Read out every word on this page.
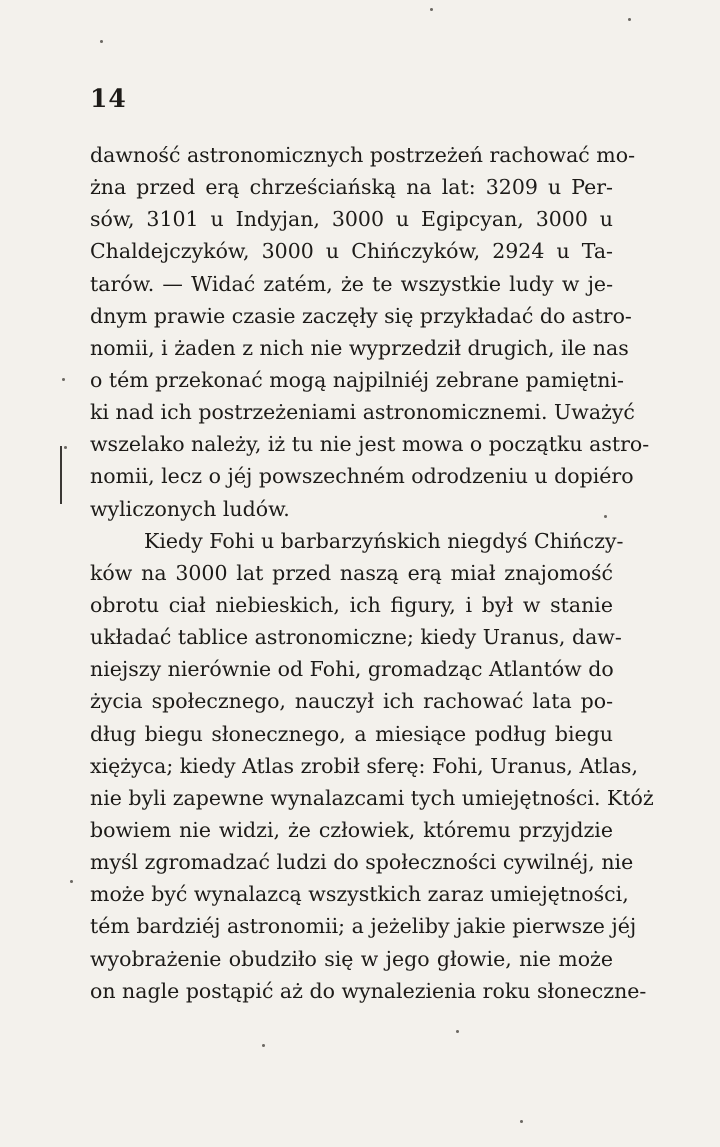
14
dawność astronomicznych postrzeżeń rachować mo-
żna przed erą chrześciańską na lat: 3209 u Per-
sów, 3101 u Indyjan, 3000 u Egipcyan, 3000 u
Chaldejczyków, 3000 u Chińczyków, 2924 u Ta-
tarów. — Widać zatém, że te wszystkie ludy w je-
dnym prawie czasie zaczęły się przykładać do astro-
nomii, i żaden z nich nie wyprzedził drugich, ile nas
o tém przekonać mogą najpilniéj zebrane pamiętni-
ki nad ich postrzeżeniami astronomicznemi. Uważyć
wszelako należy, iż tu nie jest mowa o początku astro-
nomii, lecz o jéj powszechném odrodzeniu u dopiéro
wyliczonych ludów.
Kiedy Fohi u barbarzyńskich niegdyś Chińczy-
ków na 3000 lat przed naszą erą miał znajomość
obrotu ciał niebieskich, ich figury, i był w stanie
układać tablice astronomiczne; kiedy Uranus, daw-
niejszy nierównie od Fohi, gromadząc Atlantów do
życia społecznego, nauczył ich rachować lata po-
dług biegu słonecznego, a miesiące podług biegu
xiężyca; kiedy Atlas zrobił sferę: Fohi, Uranus, Atlas,
nie byli zapewne wynalazcami tych umiejętności. Któż
bowiem nie widzi, że człowiek, któremu przyjdzie
myśl zgromadzać ludzi do społeczności cywilnéj, nie
może być wynalazcą wszystkich zaraz umiejętności,
tém bardziéj astronomii; a jeżeliby jakie pierwsze jéj
wyobrażenie obudziło się w jego głowie, nie może
on nagle postąpić aż do wynalezienia roku słoneczne-
